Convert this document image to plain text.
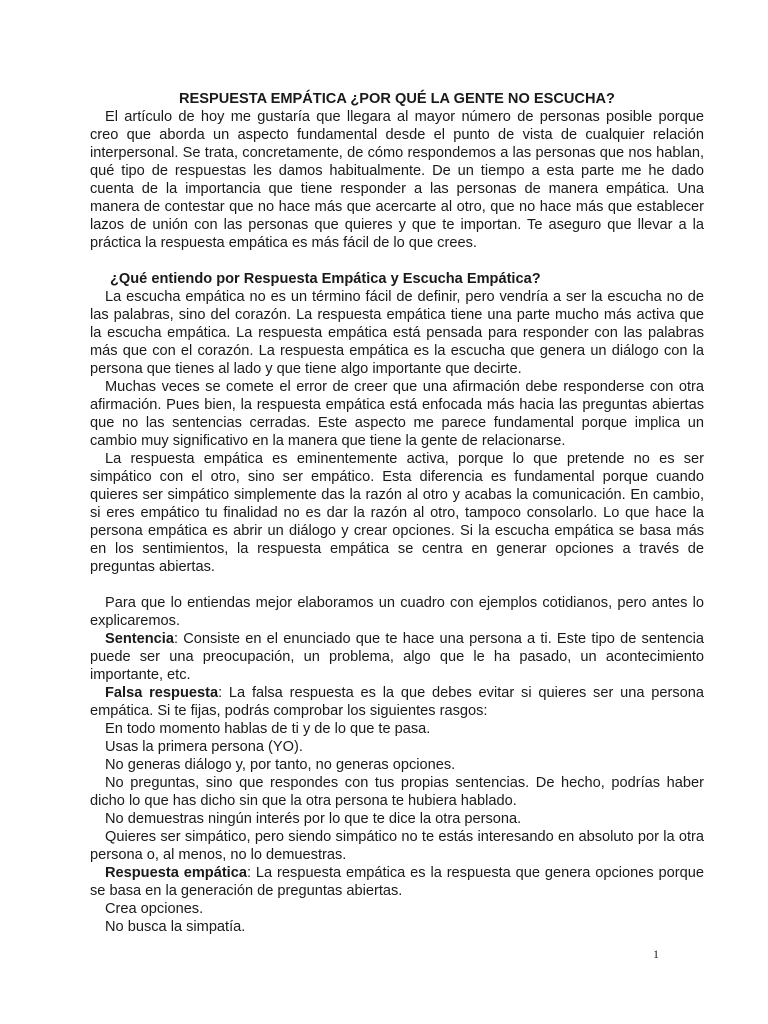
RESPUESTA EMPÁTICA ¿POR QUÉ LA GENTE NO ESCUCHA?

El artículo de hoy me gustaría que llegara al mayor número de personas posible porque creo que aborda un aspecto fundamental desde el punto de vista de cualquier relación interpersonal. Se trata, concretamente, de cómo respondemos a las personas que nos hablan, qué tipo de respuestas les damos habitualmente. De un tiempo a esta parte me he dado cuenta de la importancia que tiene responder a las personas de manera empática. Una manera de contestar que no hace más que acercarte al otro, que no hace más que establecer lazos de unión con las personas que quieres y que te importan. Te aseguro que llevar a la práctica la respuesta empática es más fácil de lo que crees.

¿Qué entiendo por Respuesta Empática y Escucha Empática?

La escucha empática no es un término fácil de definir, pero vendría a ser la escucha no de las palabras, sino del corazón. La respuesta empática tiene una parte mucho más activa que la escucha empática. La respuesta empática está pensada para responder con las palabras más que con el corazón. La respuesta empática es la escucha que genera un diálogo con la persona que tienes al lado y que tiene algo importante que decirte.

Muchas veces se comete el error de creer que una afirmación debe responderse con otra afirmación. Pues bien, la respuesta empática está enfocada más hacia las preguntas abiertas que no las sentencias cerradas. Este aspecto me parece fundamental porque implica un cambio muy significativo en la manera que tiene la gente de relacionarse.

La respuesta empática es eminentemente activa, porque lo que pretende no es ser simpático con el otro, sino ser empático. Esta diferencia es fundamental porque cuando quieres ser simpático simplemente das la razón al otro y acabas la comunicación. En cambio, si eres empático tu finalidad no es dar la razón al otro, tampoco consolarlo. Lo que hace la persona empática es abrir un diálogo y crear opciones. Si la escucha empática se basa más en los sentimientos, la respuesta empática se centra en generar opciones a través de preguntas abiertas.

Para que lo entiendas mejor elaboramos un cuadro con ejemplos cotidianos, pero antes lo explicaremos.

Sentencia: Consiste en el enunciado que te hace una persona a ti. Este tipo de sentencia puede ser una preocupación, un problema, algo que le ha pasado, un acontecimiento importante, etc.

Falsa respuesta: La falsa respuesta es la que debes evitar si quieres ser una persona empática. Si te fijas, podrás comprobar los siguientes rasgos:

En todo momento hablas de ti y de lo que te pasa.

Usas la primera persona (YO).

No generas diálogo y, por tanto, no generas opciones.

No preguntas, sino que respondes con tus propias sentencias. De hecho, podrías haber dicho lo que has dicho sin que la otra persona te hubiera hablado.

No demuestras ningún interés por lo que te dice la otra persona.

Quieres ser simpático, pero siendo simpático no te estás interesando en absoluto por la otra persona o, al menos, no lo demuestras.

Respuesta empática: La respuesta empática es la respuesta que genera opciones porque se basa en la generación de preguntas abiertas.

Crea opciones.

No busca la simpatía.

1
